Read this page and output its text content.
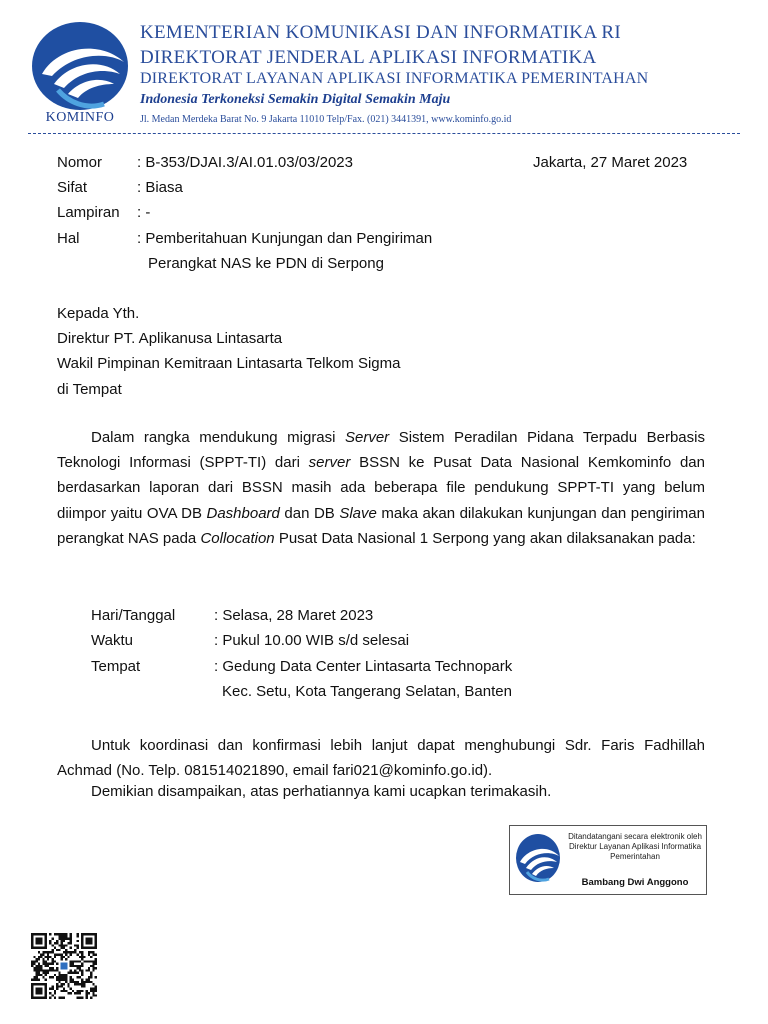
KOMINFO
KEMENTERIAN KOMUNIKASI DAN INFORMATIKA RI
DIREKTORAT JENDERAL APLIKASI INFORMATIKA
DIREKTORAT LAYANAN APLIKASI INFORMATIKA PEMERINTAHAN
Indonesia Terkoneksi Semakin Digital Semakin Maju
Jl. Medan Merdeka Barat No. 9 Jakarta 11010 Telp/Fax. (021) 3441391, www.kominfo.go.id
Nomor : B-353/DJAI.3/AI.01.03/03/2023	Jakarta, 27 Maret 2023
Sifat	: Biasa
Lampiran : -
Hal	: Pemberitahuan Kunjungan dan Pengiriman
Perangkat NAS ke PDN di Serpong
Kepada Yth.
Direktur PT. Aplikanusa Lintasarta
Wakil Pimpinan Kemitraan Lintasarta Telkom Sigma
di Tempat
Dalam rangka mendukung migrasi Server Sistem Peradilan Pidana Terpadu Berbasis Teknologi Informasi (SPPT-TI) dari server BSSN ke Pusat Data Nasional Kemkominfo dan berdasarkan laporan dari BSSN masih ada beberapa file pendukung SPPT-TI yang belum diimpor yaitu OVA DB Dashboard dan DB Slave maka akan dilakukan kunjungan dan pengiriman perangkat NAS pada Collocation Pusat Data Nasional 1 Serpong yang akan dilaksanakan pada:
Hari/Tanggal	: Selasa, 28 Maret 2023
Waktu	: Pukul 10.00 WIB s/d selesai
Tempat	: Gedung Data Center Lintasarta Technopark
Kec. Setu, Kota Tangerang Selatan, Banten
Untuk koordinasi dan konfirmasi lebih lanjut dapat menghubungi Sdr. Faris Fadhillah Achmad (No. Telp. 081514021890, email fari021@kominfo.go.id).
Demikian disampaikan, atas perhatiannya kami ucapkan terimakasih.
Ditandatangani secara elektronik oleh
Direktur Layanan Aplikasi Informatika
Pemerintahan
Bambang Dwi Anggono
